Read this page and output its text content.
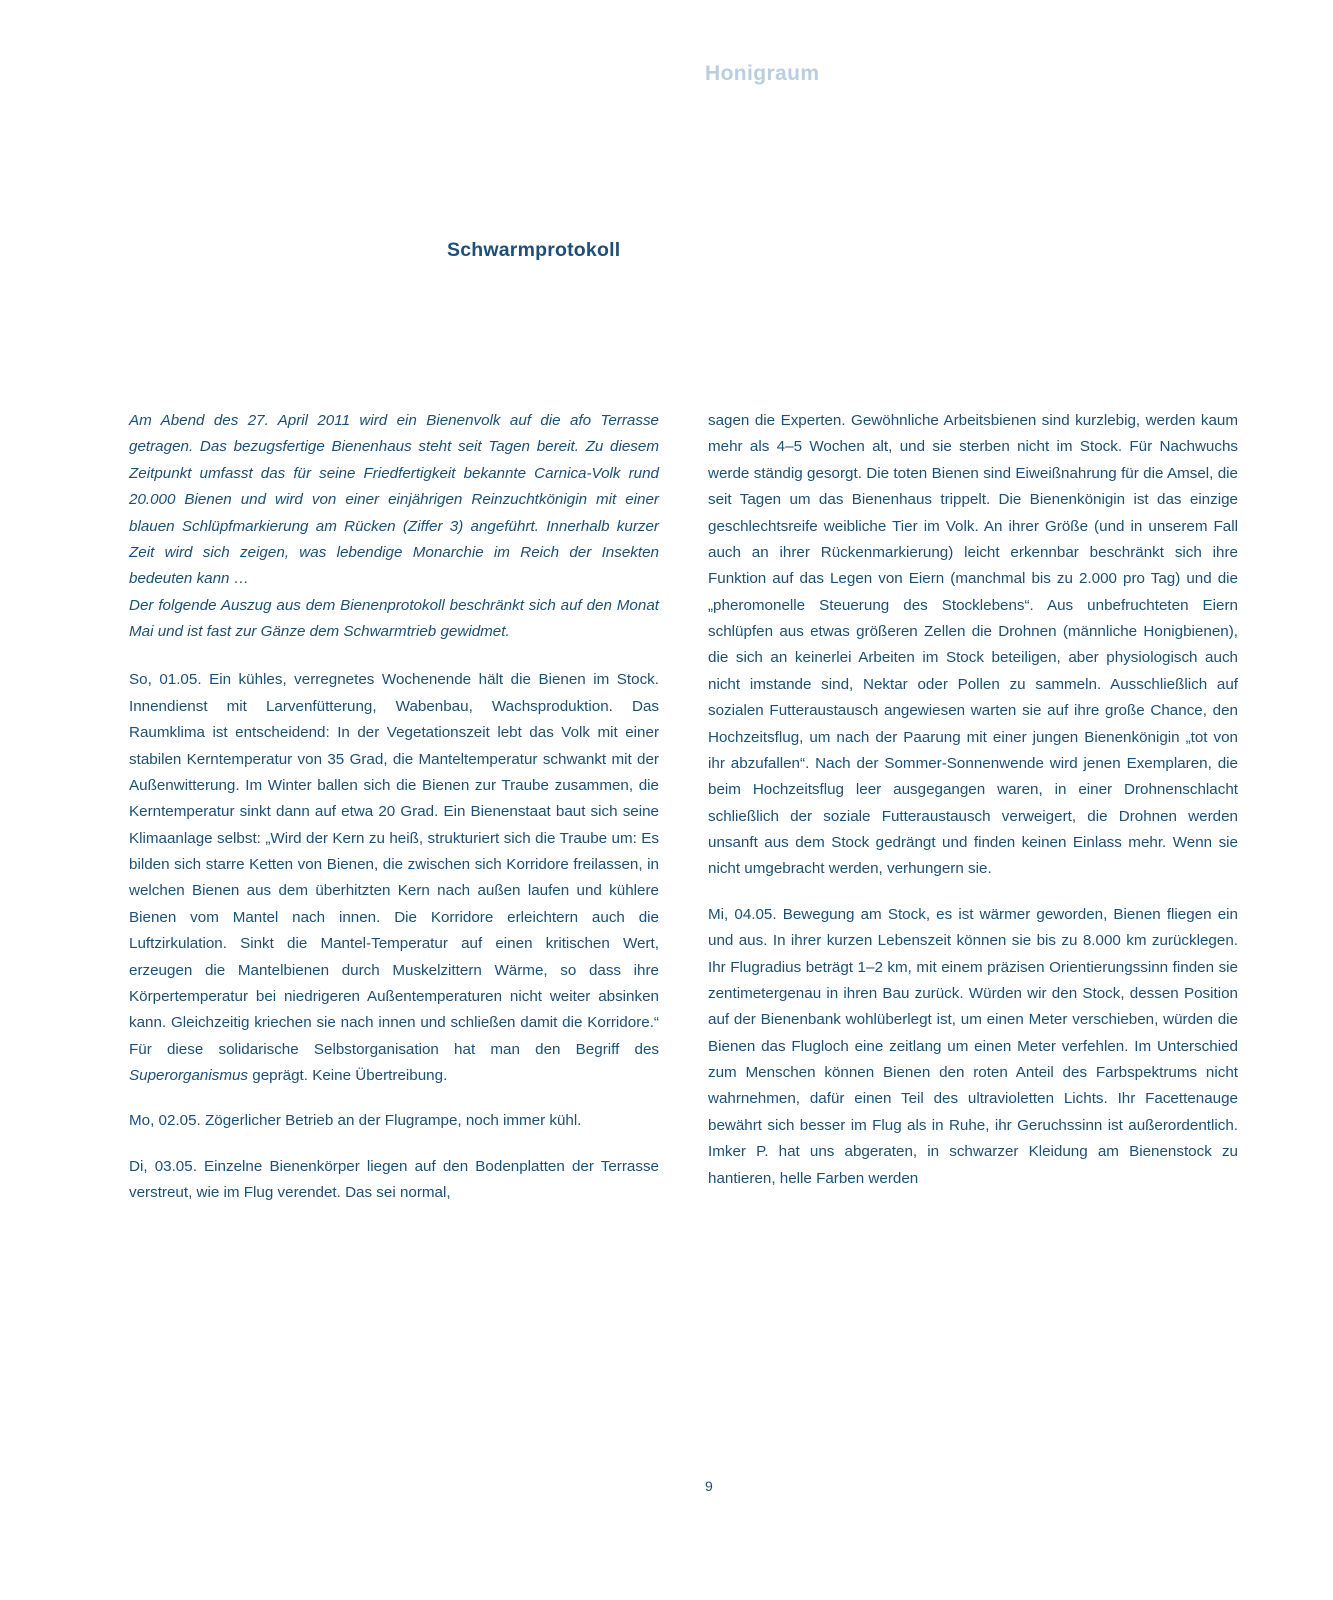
Honigraum
Schwarmprotokoll

Am Abend des 27. April 2011 wird ein Bienenvolk auf die afo Terrasse getragen. Das bezugsfertige Bienenhaus steht seit Tagen bereit. Zu diesem Zeitpunkt umfasst das für seine Friedfertigkeit bekannte Carnica-Volk rund 20.000 Bienen und wird von einer einjährigen Reinzuchtkönigin mit einer blauen Schlüpfmarkierung am Rücken (Ziffer 3) angeführt. Innerhalb kurzer Zeit wird sich zeigen, was lebendige Monarchie im Reich der Insekten bedeuten kann …
Der folgende Auszug aus dem Bienenprotokoll beschränkt sich auf den Monat Mai und ist fast zur Gänze dem Schwarmtrieb gewidmet.

So, 01.05. Ein kühles, verregnetes Wochenende hält die Bienen im Stock. Innendienst mit Larvenfütterung, Wabenbau, Wachsproduktion. Das Raumklima ist entscheidend: In der Vegetationszeit lebt das Volk mit einer stabilen Kerntemperatur von 35 Grad, die Manteltemperatur schwankt mit der Außenwitterung. Im Winter ballen sich die Bienen zur Traube zusammen, die Kerntemperatur sinkt dann auf etwa 20 Grad. Ein Bienenstaat baut sich seine Klimaanlage selbst: „Wird der Kern zu heiß, strukturiert sich die Traube um: Es bilden sich starre Ketten von Bienen, die zwischen sich Korridore freilassen, in welchen Bienen aus dem überhitzten Kern nach außen laufen und kühlere Bienen vom Mantel nach innen. Die Korridore erleichtern auch die Luftzirkulation. Sinkt die Mantel-Temperatur auf einen kritischen Wert, erzeugen die Mantelbienen durch Muskelzittern Wärme, so dass ihre Körpertemperatur bei niedrigeren Außentemperaturen nicht weiter absinken kann. Gleichzeitig kriechen sie nach innen und schließen damit die Korridore.“ Für diese solidarische Selbstorganisation hat man den Begriff des Superorganismus geprägt. Keine Übertreibung.

Mo, 02.05. Zögerlicher Betrieb an der Flugrampe, noch immer kühl.

Di, 03.05. Einzelne Bienenkörper liegen auf den Bodenplatten der Terrasse verstreut, wie im Flug verendet. Das sei normal,

sagen die Experten. Gewöhnliche Arbeitsbienen sind kurzlebig, werden kaum mehr als 4–5 Wochen alt, und sie sterben nicht im Stock. Für Nachwuchs werde ständig gesorgt. Die toten Bienen sind Eiweißnahrung für die Amsel, die seit Tagen um das Bienenhaus trippelt. Die Bienenkönigin ist das einzige geschlechtsreife weibliche Tier im Volk. An ihrer Größe (und in unserem Fall auch an ihrer Rückenmarkierung) leicht erkennbar beschränkt sich ihre Funktion auf das Legen von Eiern (manchmal bis zu 2.000 pro Tag) und die „pheromonelle Steuerung des Stocklebens“. Aus unbefruchteten Eiern schlüpfen aus etwas größeren Zellen die Drohnen (männliche Honigbienen), die sich an keinerlei Arbeiten im Stock beteiligen, aber physiologisch auch nicht imstande sind, Nektar oder Pollen zu sammeln. Ausschließlich auf sozialen Futteraustausch angewiesen warten sie auf ihre große Chance, den Hochzeitsflug, um nach der Paarung mit einer jungen Bienenkönigin „tot von ihr abzufallen“. Nach der Sommer-Sonnenwende wird jenen Exemplaren, die beim Hochzeitsflug leer ausgegangen waren, in einer Drohnenschlacht schließlich der soziale Futteraustausch verweigert, die Drohnen werden unsanft aus dem Stock gedrängt und finden keinen Einlass mehr. Wenn sie nicht umgebracht werden, verhungern sie.

Mi, 04.05. Bewegung am Stock, es ist wärmer geworden, Bienen fliegen ein und aus. In ihrer kurzen Lebenszeit können sie bis zu 8.000 km zurücklegen. Ihr Flugradius beträgt 1–2 km, mit einem präzisen Orientierungssinn finden sie zentimetergenau in ihren Bau zurück. Würden wir den Stock, dessen Position auf der Bienenbank wohlüberlegt ist, um einen Meter verschieben, würden die Bienen das Flugloch eine zeitlang um einen Meter verfehlen. Im Unterschied zum Menschen können Bienen den roten Anteil des Farbspektrums nicht wahrnehmen, dafür einen Teil des ultravioletten Lichts. Ihr Facettenauge bewährt sich besser im Flug als in Ruhe, ihr Geruchssinn ist außerordentlich. Imker P. hat uns abgeraten, in schwarzer Kleidung am Bienenstock zu hantieren, helle Farben werden

9
